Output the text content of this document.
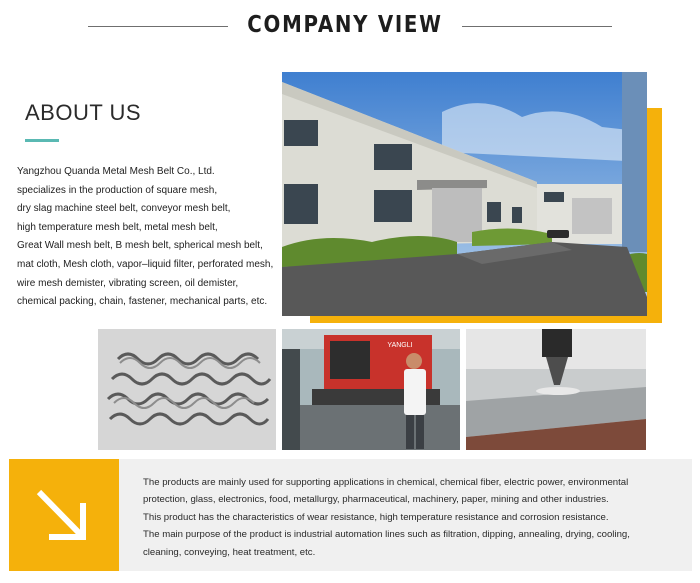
COMPANY VIEW
ABOUT US
Yangzhou Quanda Metal Mesh Belt Co., Ltd.
specializes in the production of square mesh,
dry slag machine steel belt, conveyor mesh belt,
high temperature mesh belt, metal mesh belt,
Great Wall mesh belt, B mesh belt, spherical mesh belt,
mat cloth, Mesh cloth, vapor–liquid filter, perforated mesh,
wire mesh demister, vibrating screen, oil demister,
chemical packing, chain, fastener, mechanical parts, etc.
YANGLI
The products are mainly used for supporting applications in chemical, chemical fiber, electric power, environmental
protection, glass, electronics, food, metallurgy, pharmaceutical, machinery, paper, mining and other industries.
This product has the characteristics of wear resistance, high temperature resistance and corrosion resistance.
The main purpose of the product is industrial automation lines such as filtration, dipping, annealing, drying, cooling,
cleaning, conveying, heat treatment, etc.
